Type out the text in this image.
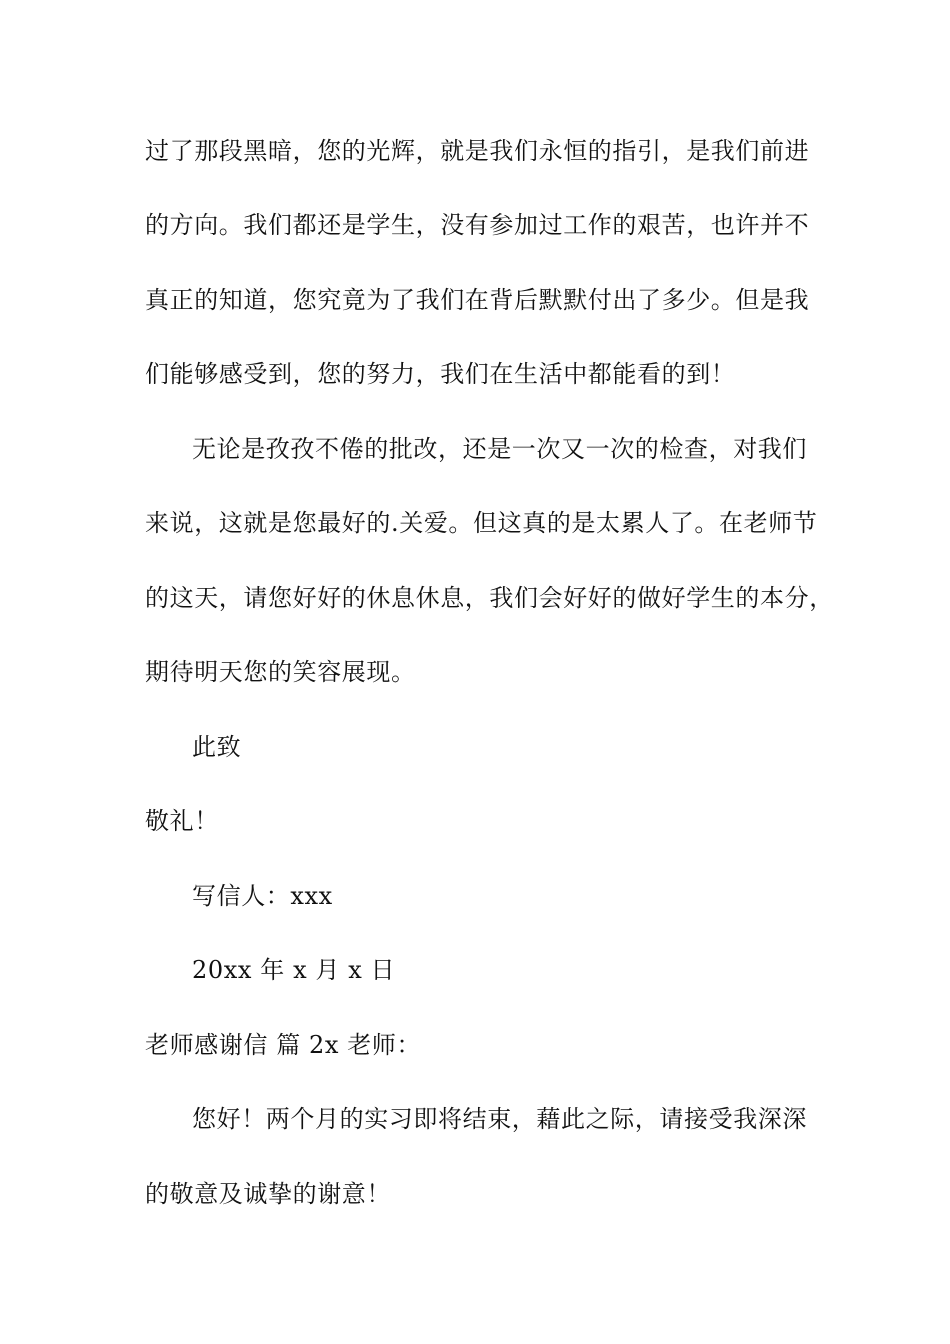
过了那段黑暗，您的光辉，就是我们永恒的指引，是我们前进
的方向。我们都还是学生，没有参加过工作的艰苦，也许并不
真正的知道，您究竟为了我们在背后默默付出了多少。但是我
们能够感受到，您的努力，我们在生活中都能看的到！
无论是孜孜不倦的批改，还是一次又一次的检查，对我们
来说，这就是您最好的.关爱。但这真的是太累人了。在老师节
的这天，请您好好的休息休息，我们会好好的做好学生的本分，
期待明天您的笑容展现。
此致
敬礼！
写信人：xxx
20xx 年 x 月 x 日
老师感谢信 篇 2x 老师：
您好！两个月的实习即将结束，藉此之际，请接受我深深
的敬意及诚挚的谢意！
